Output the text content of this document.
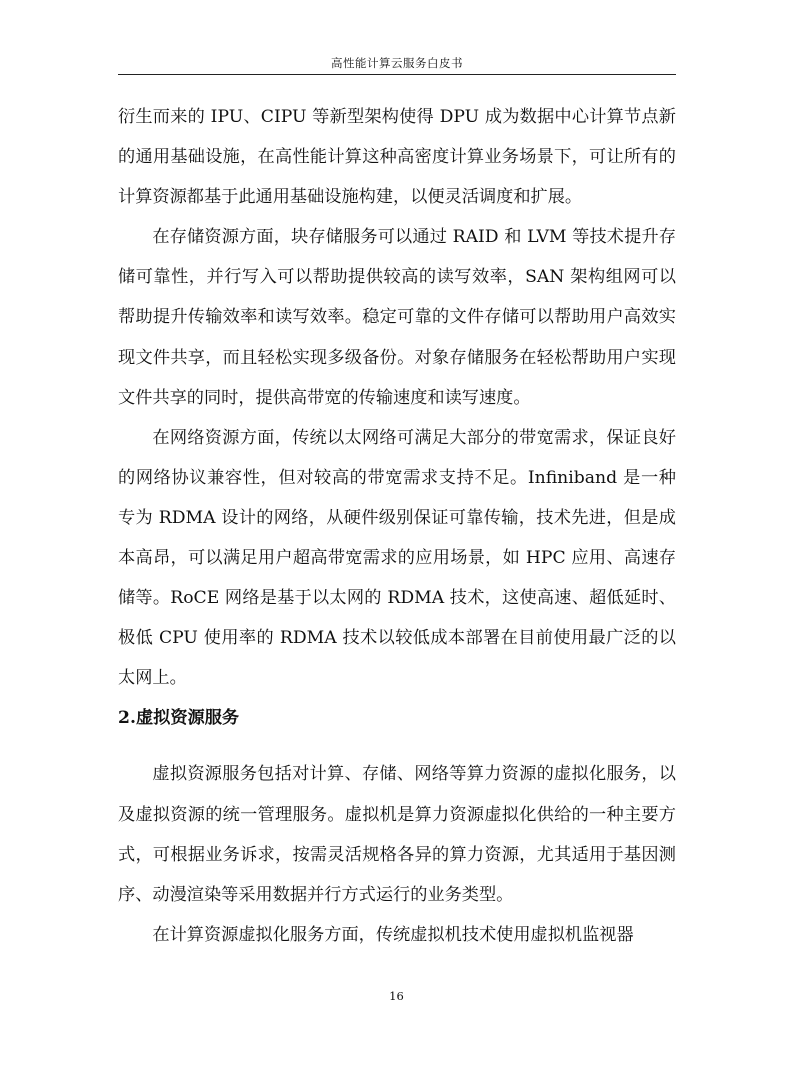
高性能计算云服务白皮书

衍生而来的 IPU、CIPU 等新型架构使得 DPU 成为数据中心计算节点新的通用基础设施，在高性能计算这种高密度计算业务场景下，可让所有的计算资源都基于此通用基础设施构建，以便灵活调度和扩展。

在存储资源方面，块存储服务可以通过 RAID 和 LVM 等技术提升存储可靠性，并行写入可以帮助提供较高的读写效率，SAN 架构组网可以帮助提升传输效率和读写效率。稳定可靠的文件存储可以帮助用户高效实现文件共享，而且轻松实现多级备份。对象存储服务在轻松帮助用户实现文件共享的同时，提供高带宽的传输速度和读写速度。

在网络资源方面，传统以太网络可满足大部分的带宽需求，保证良好的网络协议兼容性，但对较高的带宽需求支持不足。Infiniband 是一种专为 RDMA 设计的网络，从硬件级别保证可靠传输，技术先进，但是成本高昂，可以满足用户超高带宽需求的应用场景，如 HPC 应用、高速存储等。RoCE 网络是基于以太网的 RDMA 技术，这使高速、超低延时、极低 CPU 使用率的 RDMA 技术以较低成本部署在目前使用最广泛的以太网上。

2.虚拟资源服务

虚拟资源服务包括对计算、存储、网络等算力资源的虚拟化服务，以及虚拟资源的统一管理服务。虚拟机是算力资源虚拟化供给的一种主要方式，可根据业务诉求，按需灵活规格各异的算力资源，尤其适用于基因测序、动漫渲染等采用数据并行方式运行的业务类型。

在计算资源虚拟化服务方面，传统虚拟机技术使用虚拟机监视器

16
